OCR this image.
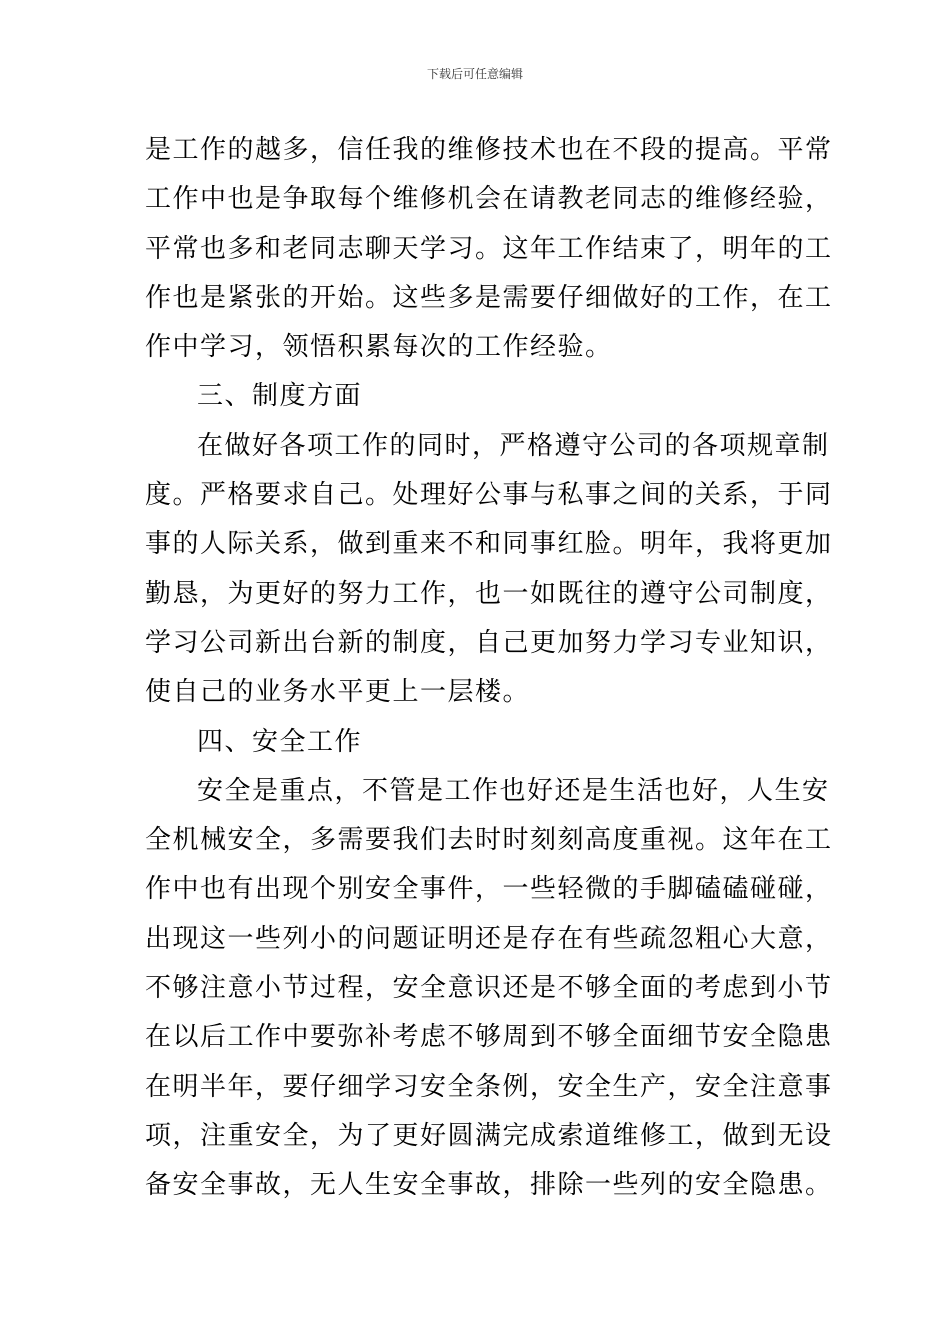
下载后可任意编辑
是工作的越多，信任我的维修技术也在不段的提高。平常
工作中也是争取每个维修机会在请教老同志的维修经验，
平常也多和老同志聊天学习。这年工作结束了，明年的工
作也是紧张的开始。这些多是需要仔细做好的工作，在工
作中学习，领悟积累每次的工作经验。
三、制度方面
在做好各项工作的同时，严格遵守公司的各项规章制
度。严格要求自己。处理好公事与私事之间的关系，于同
事的人际关系，做到重来不和同事红脸。明年，我将更加
勤恳，为更好的努力工作，也一如既往的遵守公司制度，
学习公司新出台新的制度，自己更加努力学习专业知识，
使自己的业务水平更上一层楼。
四、安全工作
安全是重点，不管是工作也好还是生活也好，人生安
全机械安全，多需要我们去时时刻刻高度重视。这年在工
作中也有出现个别安全事件，一些轻微的手脚磕磕碰碰，
出现这一些列小的问题证明还是存在有些疏忽粗心大意，
不够注意小节过程，安全意识还是不够全面的考虑到小节
在以后工作中要弥补考虑不够周到不够全面细节安全隐患
在明半年，要仔细学习安全条例，安全生产，安全注意事
项，注重安全，为了更好圆满完成索道维修工，做到无设
备安全事故，无人生安全事故，排除一些列的安全隐患。
